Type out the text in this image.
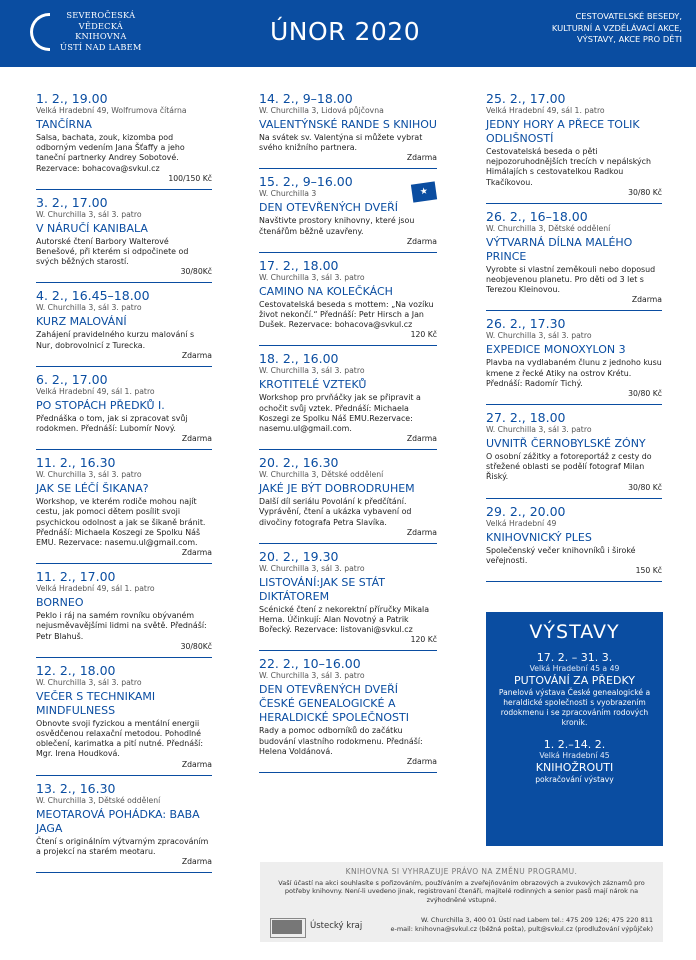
SEVEROČESKÁ
VĚDECKÁ
KNIHOVNA
ÚSTÍ NAD LABEM
ÚNOR 2020
CESTOVATELSKÉ BESEDY,
KULTURNÍ A VZDĚLÁVACÍ AKCE,
VÝSTAVY, AKCE PRO DĚTI
1. 2., 19.00
Velká Hradební 49, Wolfrumova čítárna
TANČÍRNA
Salsa, bachata, zouk, kizomba pod odborným vedením Jana Šťaffy a jeho taneční partnerky Andrey Sobotové. Rezervace: bohacova@svkul.cz
100/150 Kč
3. 2., 17.00
W. Churchilla 3, sál 3. patro
V NÁRUČÍ KANIBALA
Autorské čtení Barbory Walterové Benešové, při kterém si odpočinete od svých běžných starostí.
30/80Kč
4. 2., 16.45–18.00
W. Churchilla 3, sál 3. patro
KURZ MALOVÁNÍ
Zahájení pravidelného kurzu malování s Nur, dobrovolnicí z Turecka.
Zdarma
6. 2., 17.00
Velká Hradební 49, sál 1. patro
PO STOPÁCH PŘEDKŮ I.
Přednáška o tom, jak si zpracovat svůj rodokmen. Přednáší: Lubomír Nový.
Zdarma
11. 2., 16.30
W. Churchilla 3, sál 3. patro
JAK SE LÉČÍ ŠIKANA?
Workshop, ve kterém rodiče mohou najít cestu, jak pomoci dětem posílit svoji psychickou odolnost a jak se šikaně bránit. Přednáší: Michaela Koszegi ze Spolku Náš EMU. Rezervace: nasemu.ul@gmail.com.
Zdarma
11. 2., 17.00
Velká Hradební 49, sál 1. patro
BORNEO
Peklo i ráj na samém rovníku obývaném nejusměvavějšími lidmi na světě. Přednáší: Petr Blahuš.
30/80Kč
12. 2., 18.00
W. Churchilla 3, sál 3. patro
VEČER S TECHNIKAMI MINDFULNESS
Obnovte svoji fyzickou a mentální energii osvědčenou relaxační metodou. Pohodlné oblečení, karimatka a pití nutné. Přednáší: Mgr. Irena Houdková.
Zdarma
13. 2., 16.30
W. Churchilla 3, Dětské oddělení
MEOTAROVÁ POHÁDKA: BABA JAGA
Čtení s originálním výtvarným zpracováním a projekcí na starém meotaru.
Zdarma
14. 2., 9–18.00
W. Churchilla 3, Lidová půjčovna
VALENTÝNSKÉ RANDE S KNIHOU
Na svátek sv. Valentýna si můžete vybrat svého knižního partnera.
Zdarma
15. 2., 9–16.00
W. Churchilla 3
DEN OTEVŘENÝCH DVEŘÍ
Navštivte prostory knihovny, které jsou čtenářům běžně uzavřeny.
Zdarma
★
17. 2., 18.00
W. Churchilla 3, sál 3. patro
CAMINO NA KOLEČKÁCH
Cestovatelská beseda s mottem: „Na vozíku život nekončí.“ Přednáší: Petr Hirsch a Jan Dušek. Rezervace: bohacova@svkul.cz
120 Kč
18. 2., 16.00
W. Churchilla 3, sál 3. patro
KROTITELÉ VZTEKŮ
Workshop pro prvňáčky jak se připravit a ochočit svůj vztek. Přednáší: Michaela Koszegi ze Spolku Náš EMU.Rezervace: nasemu.ul@gmail.com.
Zdarma
20. 2., 16.30
W. Churchilla 3, Dětské oddělení
JAKÉ JE BÝT DOBRODRUHEM
Další díl seriálu Povolání k předčítání. Vyprávění, čtení a ukázka vybavení od divočiny fotografa Petra Slavíka.
Zdarma
20. 2., 19.30
W. Churchilla 3, sál 3. patro
LISTOVÁNÍ:JAK SE STÁT DIKTÁTOREM
Scénické čtení z nekorektní příručky Mikala Hema. Účinkují: Alan Novotný a Patrik Bořecký. Rezervace: listovani@svkul.cz
120 Kč
22. 2., 10–16.00
W. Churchilla 3, sál 3. patro
DEN OTEVŘENÝCH DVEŘÍ ČESKÉ GENEALOGICKÉ A HERALDICKÉ SPOLEČNOSTI
Rady a pomoc odborníků do začátku budování vlastního rodokmenu. Přednáší: Helena Voldánová.
Zdarma
25. 2., 17.00
Velká Hradební 49, sál 1. patro
JEDNY HORY A PŘECE TOLIK ODLIŠNOSTÍ
Cestovatelská beseda o pěti nejpozoruhodnějších trecích v nepálských Himálajích s cestovatelkou Radkou Tkačíkovou.
30/80 Kč
26. 2., 16–18.00
W. Churchilla 3, Dětské oddělení
VÝTVARNÁ DÍLNA MALÉHO PRINCE
Vyrobte si vlastní zeměkouli nebo doposud neobjevenou planetu. Pro děti od 3 let s Terezou Kleinovou.
Zdarma
26. 2., 17.30
W. Churchilla 3, sál 3. patro
EXPEDICE MONOXYLON 3
Plavba na vydlabaném člunu z jednoho kusu kmene z řecké Atiky na ostrov Krétu. Přednáší: Radomír Tichý.
30/80 Kč
27. 2., 18.00
W. Churchilla 3, sál 3. patro
UVNITŘ ČERNOBYLSKÉ ZÓNY
O osobní zážitky a fotoreportáž z cesty do střežené oblasti se podělí fotograf Milan Řiský.
30/80 Kč
29. 2., 20.00
Velká Hradební 49
KNIHOVNICKÝ PLES
Společenský večer knihovníků i široké veřejnosti.
150 Kč
VÝSTAVY
17. 2. – 31. 3.
Velká Hradební 45 a 49
PUTOVÁNÍ ZA PŘEDKY
Panelová výstava České genealogické a heraldické společnosti s vyobrazením rodokmenu i se zpracováním rodových kronik.
1. 2.–14. 2.
Velká Hradební 45
KNIHOŽROUTI
pokračování výstavy
KNIHOVNA SI VYHRAZUJE PRÁVO NA ZMĚNU PROGRAMU.
Vaší účastí na akci souhlasíte s pořizováním, používáním a zveřejňováním obrazových a zvukových záznamů pro potřeby knihovny. Není-li uvedeno jinak, registrovaní čtenáři, majitelé rodinných a senior pasů mají nárok na zvýhodněné vstupné.
Ústecký kraj
W. Churchilla 3, 400 01 Ústí nad Labem tel.: 475 209 126; 475 220 811
e-mail: knihovna@svkul.cz (běžná pošta), pult@svkul.cz (prodlužování výpůjček)
